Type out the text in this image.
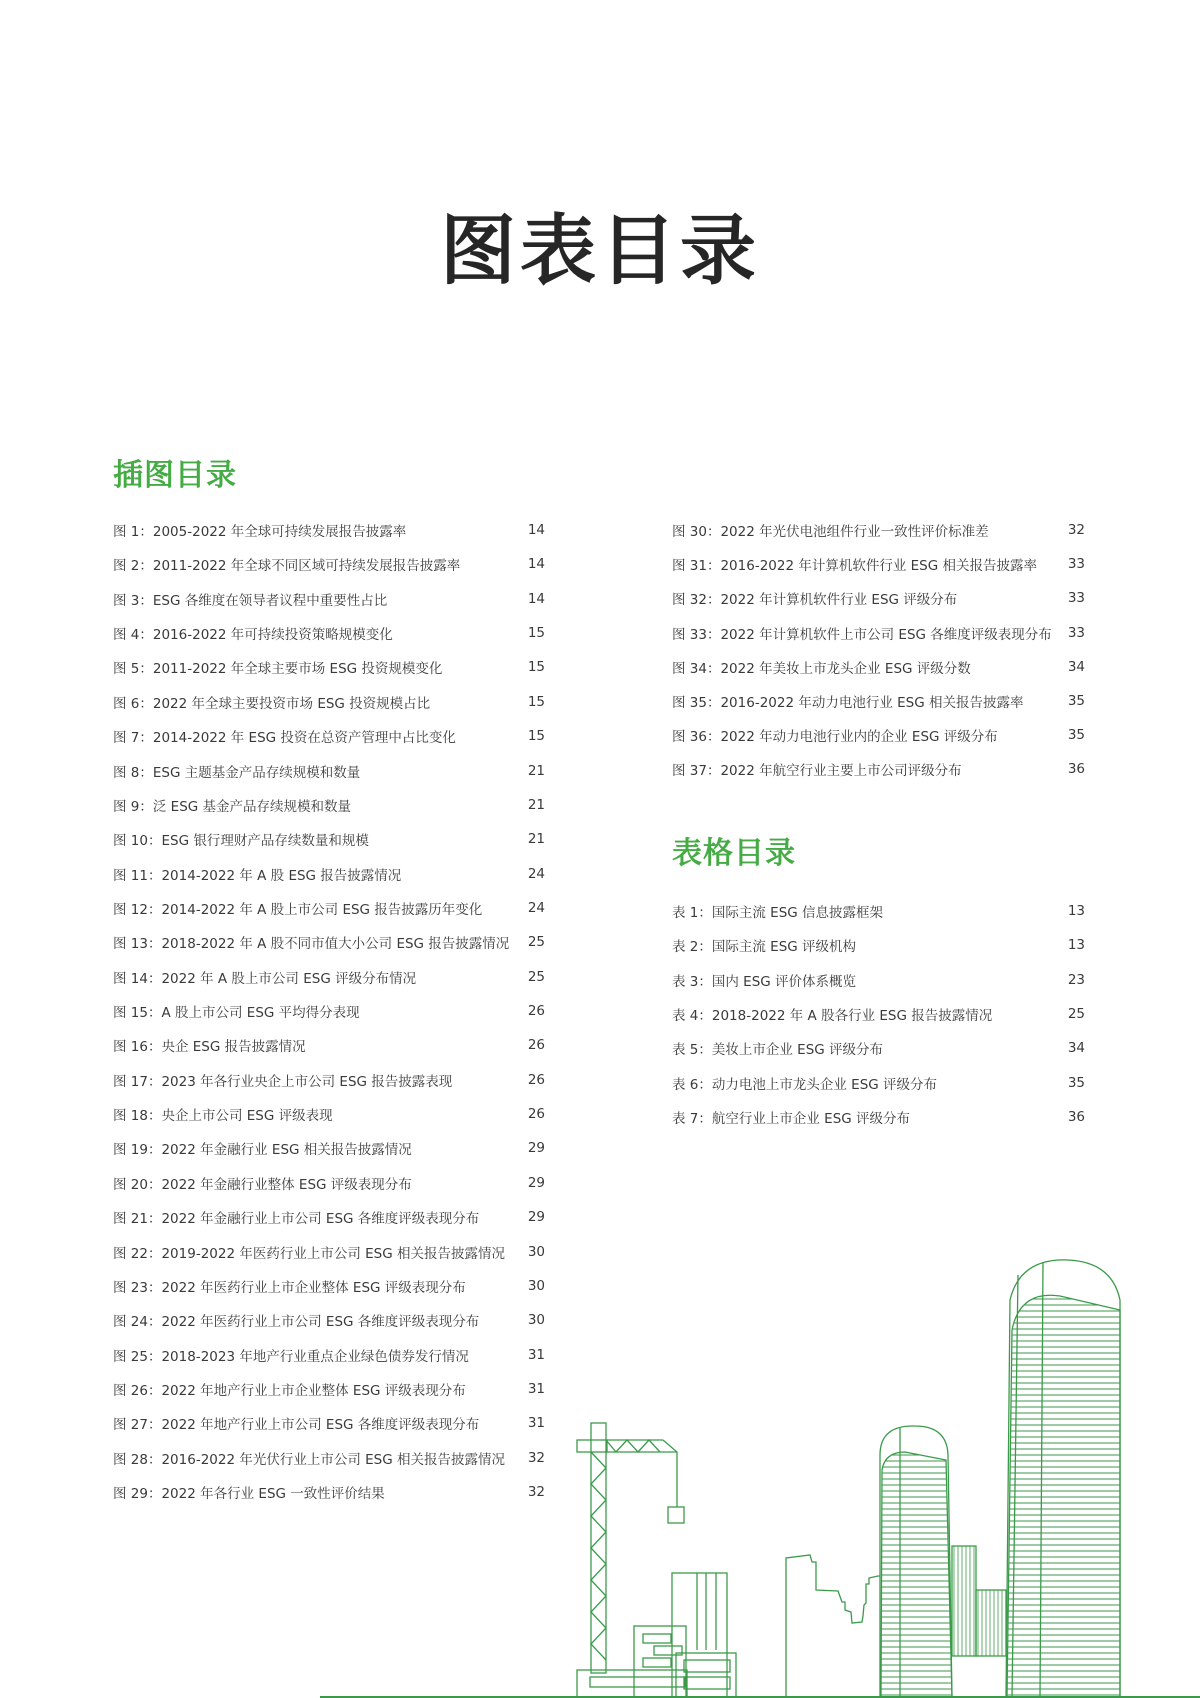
图表目录
插图目录
表格目录
图 1：2005-2022 年全球可持续发展报告披露率	14
图 2：2011-2022 年全球不同区域可持续发展报告披露率	14
图 3：ESG 各维度在领导者议程中重要性占比	14
图 4：2016-2022 年可持续投资策略规模变化	15
图 5：2011-2022 年全球主要市场 ESG 投资规模变化	15
图 6：2022 年全球主要投资市场 ESG 投资规模占比	15
图 7：2014-2022 年 ESG 投资在总资产管理中占比变化	15
图 8：ESG 主题基金产品存续规模和数量	21
图 9：泛 ESG 基金产品存续规模和数量	21
图 10：ESG 银行理财产品存续数量和规模	21
图 11：2014-2022 年 A 股 ESG 报告披露情况	24
图 12：2014-2022 年 A 股上市公司 ESG 报告披露历年变化	24
图 13：2018-2022 年 A 股不同市值大小公司 ESG 报告披露情况	25
图 14：2022 年 A 股上市公司 ESG 评级分布情况	25
图 15：A 股上市公司 ESG 平均得分表现	26
图 16：央企 ESG 报告披露情况	26
图 17：2023 年各行业央企上市公司 ESG 报告披露表现	26
图 18：央企上市公司 ESG 评级表现	26
图 19：2022 年金融行业 ESG 相关报告披露情况	29
图 20：2022 年金融行业整体 ESG 评级表现分布	29
图 21：2022 年金融行业上市公司 ESG 各维度评级表现分布	29
图 22：2019-2022 年医药行业上市公司 ESG 相关报告披露情况	30
图 23：2022 年医药行业上市企业整体 ESG 评级表现分布	30
图 24：2022 年医药行业上市公司 ESG 各维度评级表现分布	30
图 25：2018-2023 年地产行业重点企业绿色债券发行情况	31
图 26：2022 年地产行业上市企业整体 ESG 评级表现分布	31
图 27：2022 年地产行业上市公司 ESG 各维度评级表现分布	31
图 28：2016-2022 年光伏行业上市公司 ESG 相关报告披露情况	32
图 29：2022 年各行业 ESG 一致性评价结果	32
图 30：2022 年光伏电池组件行业一致性评价标准差	32
图 31：2016-2022 年计算机软件行业 ESG 相关报告披露率	33
图 32：2022 年计算机软件行业 ESG 评级分布	33
图 33：2022 年计算机软件上市公司 ESG 各维度评级表现分布	33
图 34：2022 年美妆上市龙头企业 ESG 评级分数	34
图 35：2016-2022 年动力电池行业 ESG 相关报告披露率	35
图 36：2022 年动力电池行业内的企业 ESG 评级分布	35
图 37：2022 年航空行业主要上市公司评级分布	36
表 1：国际主流 ESG 信息披露框架	13
表 2：国际主流 ESG 评级机构	13
表 3：国内 ESG 评价体系概览	23
表 4：2018-2022 年 A 股各行业 ESG 报告披露情况	25
表 5：美妆上市企业 ESG 评级分布	34
表 6：动力电池上市龙头企业 ESG 评级分布	35
表 7：航空行业上市企业 ESG 评级分布	36
